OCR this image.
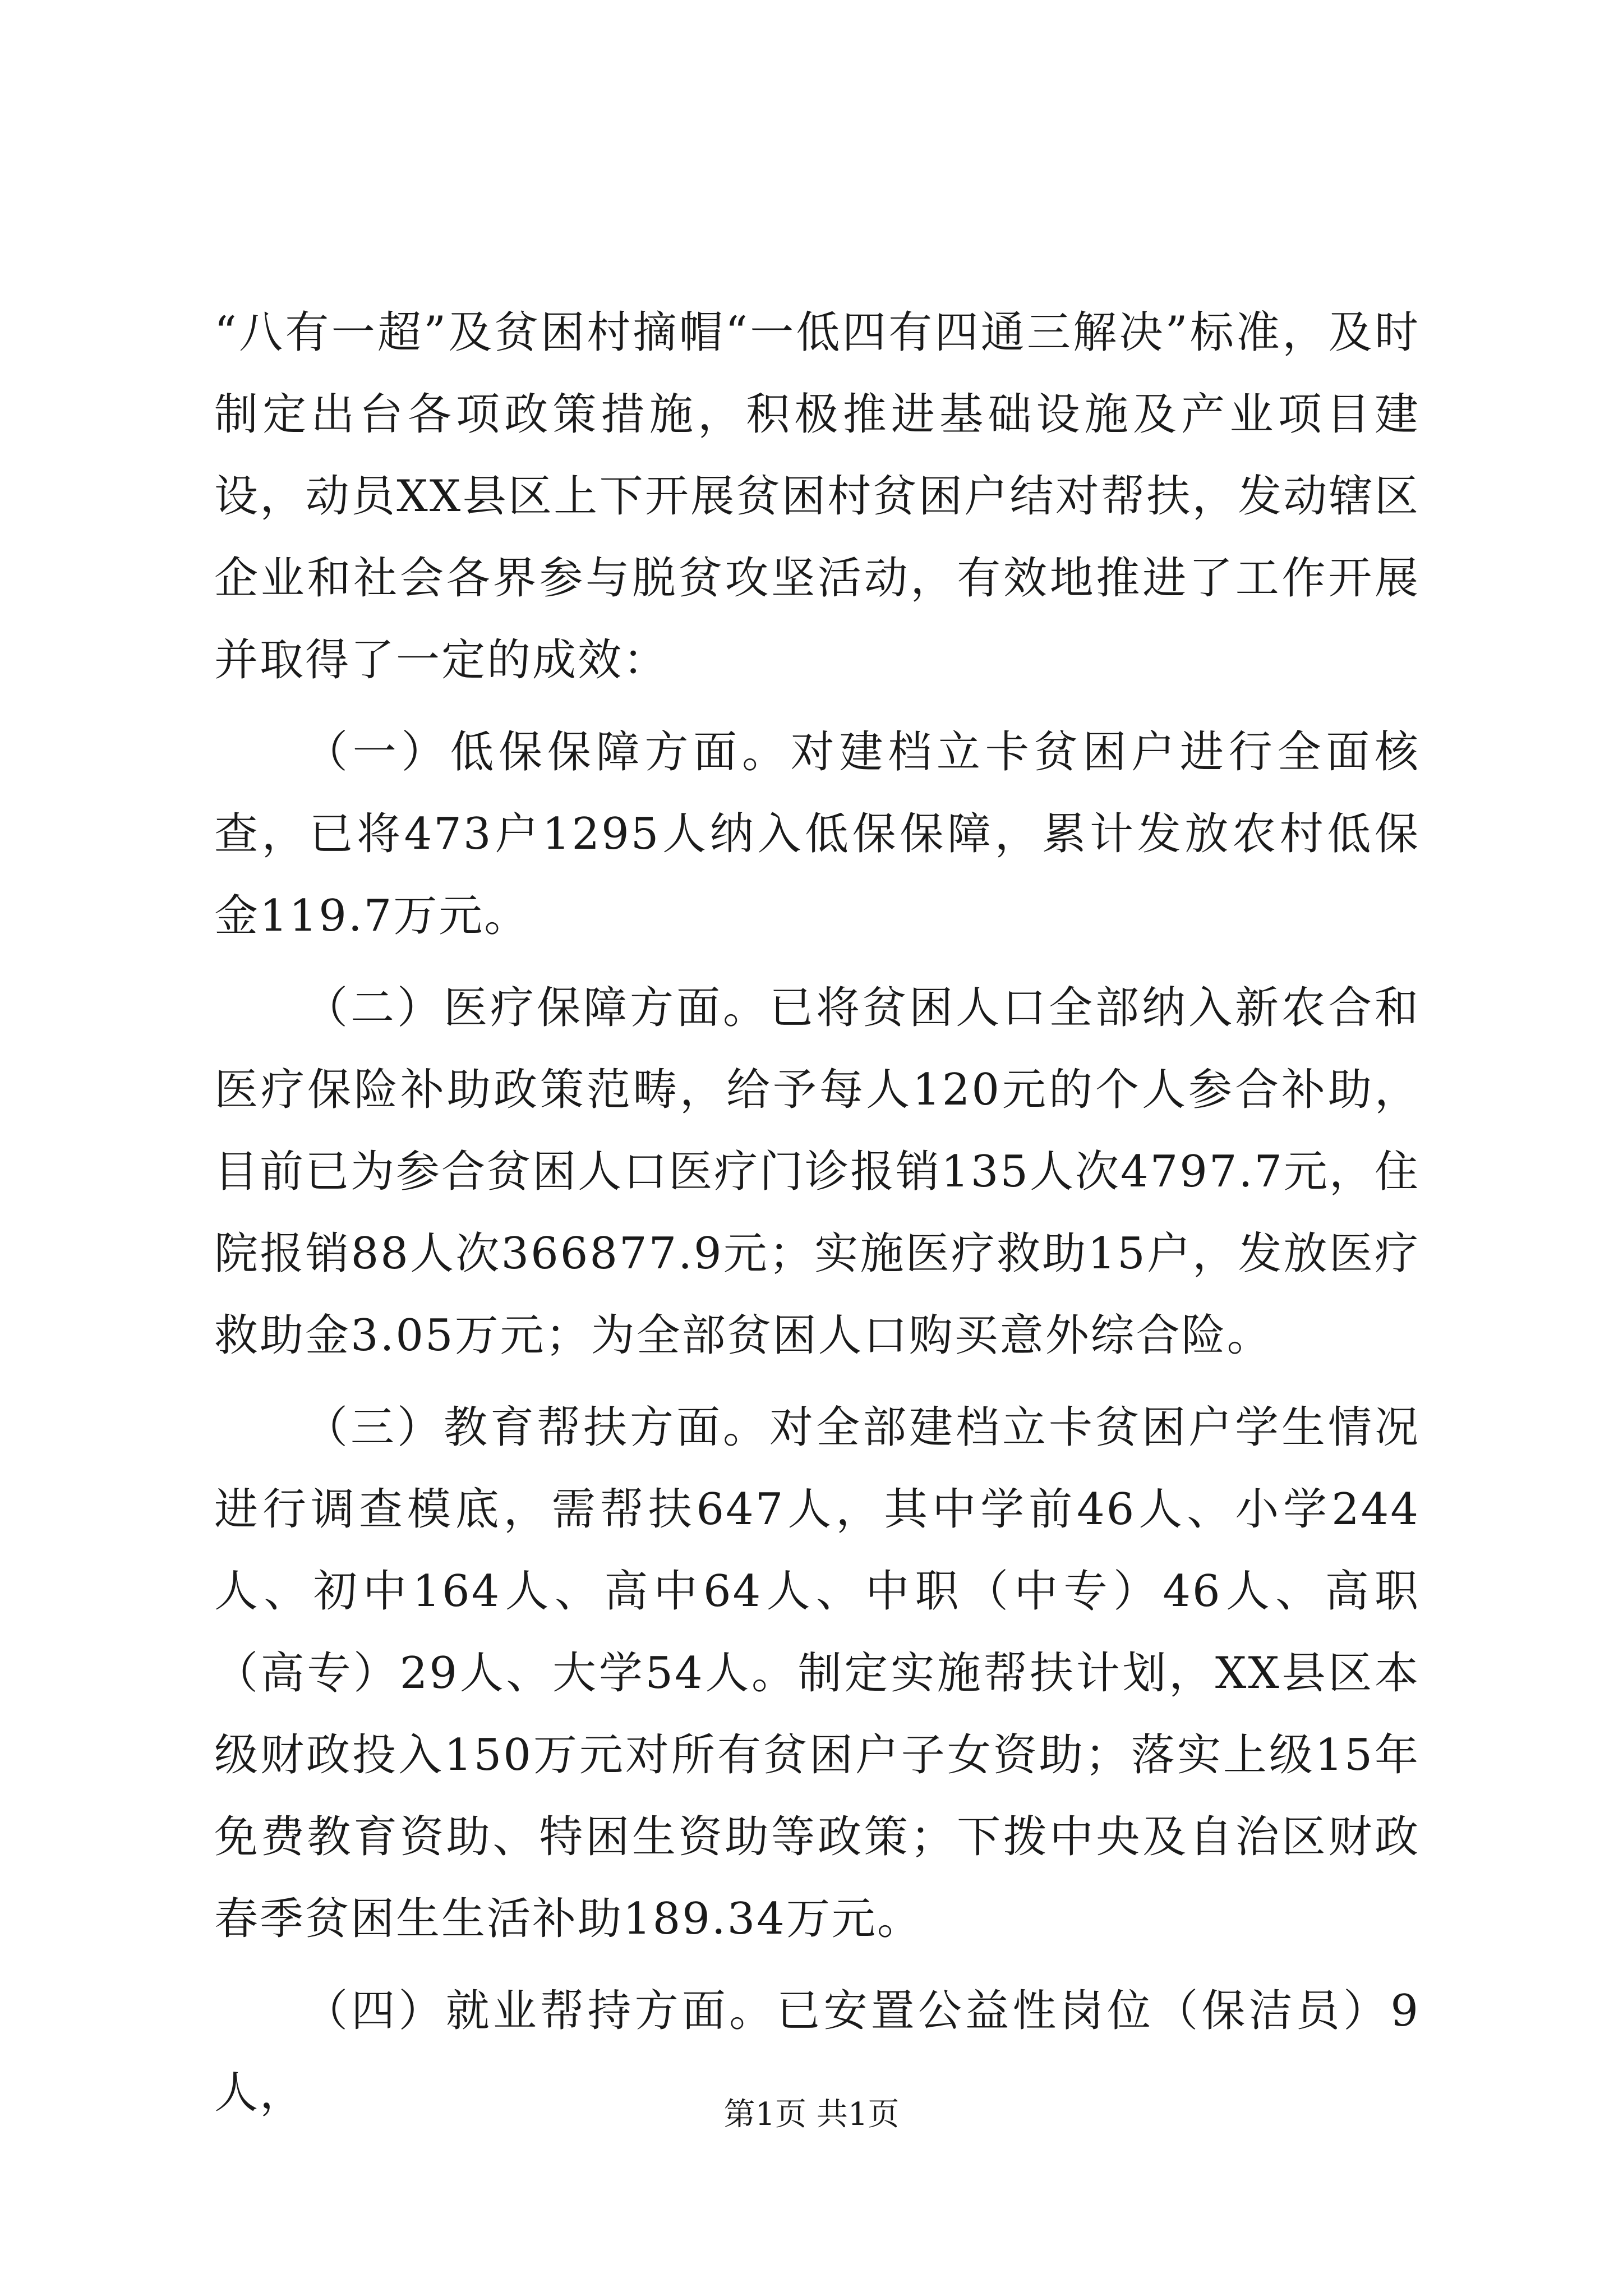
“八有一超”及贫困村摘帽“一低四有四通三解决”标准，及时制定出台各项政策措施，积极推进基础设施及产业项目建设，动员XX县区上下开展贫困村贫困户结对帮扶，发动辖区企业和社会各界参与脱贫攻坚活动，有效地推进了工作开展并取得了一定的成效：

（一）低保保障方面。对建档立卡贫困户进行全面核查，已将473户1295人纳入低保保障，累计发放农村低保金119.7万元。

（二）医疗保障方面。已将贫困人口全部纳入新农合和医疗保险补助政策范畴，给予每人120元的个人参合补助，目前已为参合贫困人口医疗门诊报销135人次4797.7元，住院报销88人次366877.9元；实施医疗救助15户，发放医疗救助金3.05万元；为全部贫困人口购买意外综合险。

（三）教育帮扶方面。对全部建档立卡贫困户学生情况进行调查模底，需帮扶647人，其中学前46人、小学244人、初中164人、高中64人、中职（中专）46人、高职（高专）29人、大学54人。制定实施帮扶计划，XX县区本级财政投入150万元对所有贫困户子女资助；落实上级15年免费教育资助、特困生资助等政策；下拨中央及自治区财政春季贫困生生活补助189.34万元。

（四）就业帮持方面。已安置公益性岗位（保洁员）9人，	第1页 共1页
